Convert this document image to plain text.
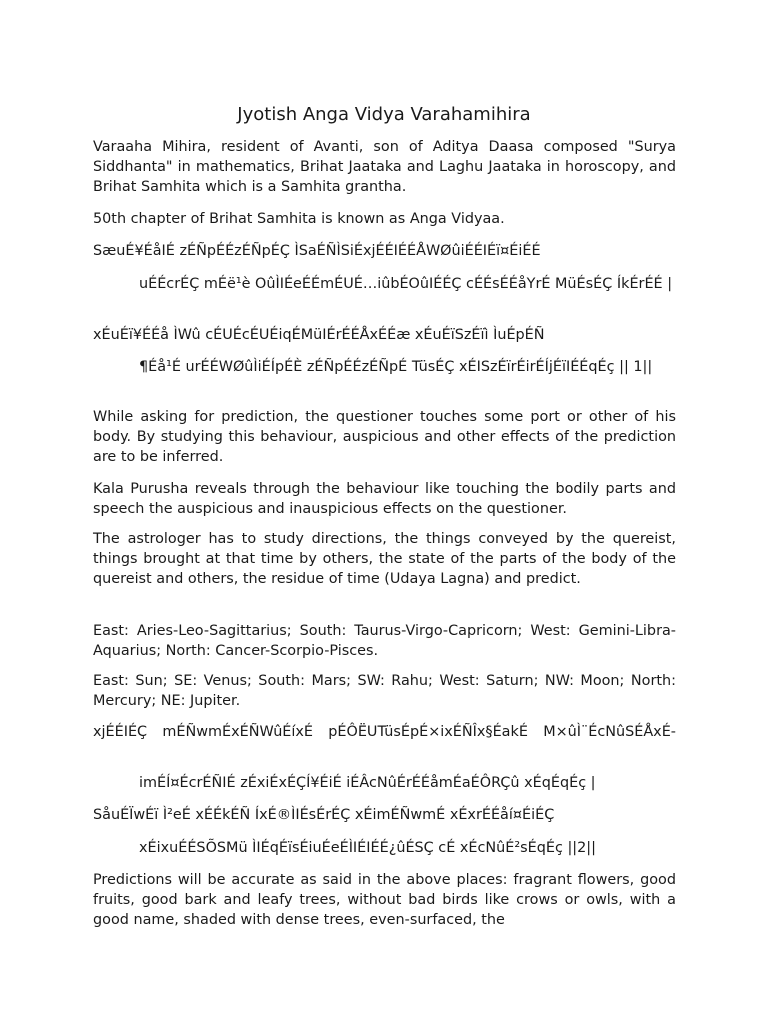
Jyotish Anga Vidya Varahamihira

Varaaha Mihira, resident of Avanti, son of Aditya Daasa composed "Surya Siddhanta" in mathematics, Brihat Jaataka and Laghu Jaataka in horoscopy, and Brihat Samhita which is a Samhita grantha.

50th chapter of Brihat Samhita is known as Anga Vidyaa.

SæuÉ¥ÉåIÉ zÉÑpÉÉzÉÑpÉÇ ÌSaÉÑÌSiÉxjÉÉIÉÉÅWØûiÉÉIÉï¤ÉiÉÉ

uÉÉcrÉÇ mÉë¹è OûÌIÉeÉÉmÉUÉ…iûbÉOûIÉÉÇ cÉÉsÉÉåYrÉ MüÉsÉÇ ÍkÉrÉÉ |

xÉuÉï¥ÉÉå ÌWû cÉUÉcÉUÉiqÉMüIÉrÉÉÅxÉÉæ xÉuÉïSzÉïì ÌuÉpÉÑ

¶Éå¹É urÉÉWØûÌiÉÍpÉÈ zÉÑpÉÉzÉÑpÉ TüsÉÇ xÉISzÉïrÉirÉÍjÉïIÉÉqÉç || 1||

While asking for prediction, the questioner touches some port or other of his body. By studying this behaviour, auspicious and other effects of the prediction are to be inferred.

Kala Purusha reveals through the behaviour like touching the bodily parts and speech the auspicious and inauspicious effects on the questioner.

The astrologer has to study directions, the things conveyed by the quereist, things brought at that time by others, the state of the parts of the body of the quereist and others, the residue of time (Udaya Lagna) and predict.

East: Aries-Leo-Sagittarius; South: Taurus-Virgo-Capricorn; West: Gemini-Libra-Aquarius; North: Cancer-Scorpio-Pisces.

East: Sun; SE: Venus; South: Mars; SW: Rahu; West: Saturn; NW: Moon; North: Mercury; NE: Jupiter.

xjÉÉIÉÇ mÉÑwmÉxÉÑWûÉíxÉ pÉÔËUTüsÉpÉ×ixÉÑÎx§ÉakÉ M×ûÌ¨ÉcNûSÉÅxÉ-

imÉÍ¤ÉcrÉÑIÉ zÉxiÉxÉÇÍ¥ÉiÉ iÉÂcNûÉrÉÉåmÉaÉÔRÇû xÉqÉqÉç |

SåuÉÏwÉï Ì²eÉ xÉÉkÉÑ ÍxÉ®ÌIÉsÉrÉÇ xÉimÉÑwmÉ xÉxrÉÉåí¤ÉiÉÇ

xÉixuÉÉSÕSMü ÌIÉqÉïsÉiuÉeÉÌIÉIÉÉ¿ûÉSÇ cÉ xÉcNûÉ²sÉqÉç ||2||

Predictions will be accurate as said in the above places: fragrant flowers, good fruits, good bark and leafy trees, without bad birds like crows or owls, with a good name, shaded with dense trees, even-surfaced, the
